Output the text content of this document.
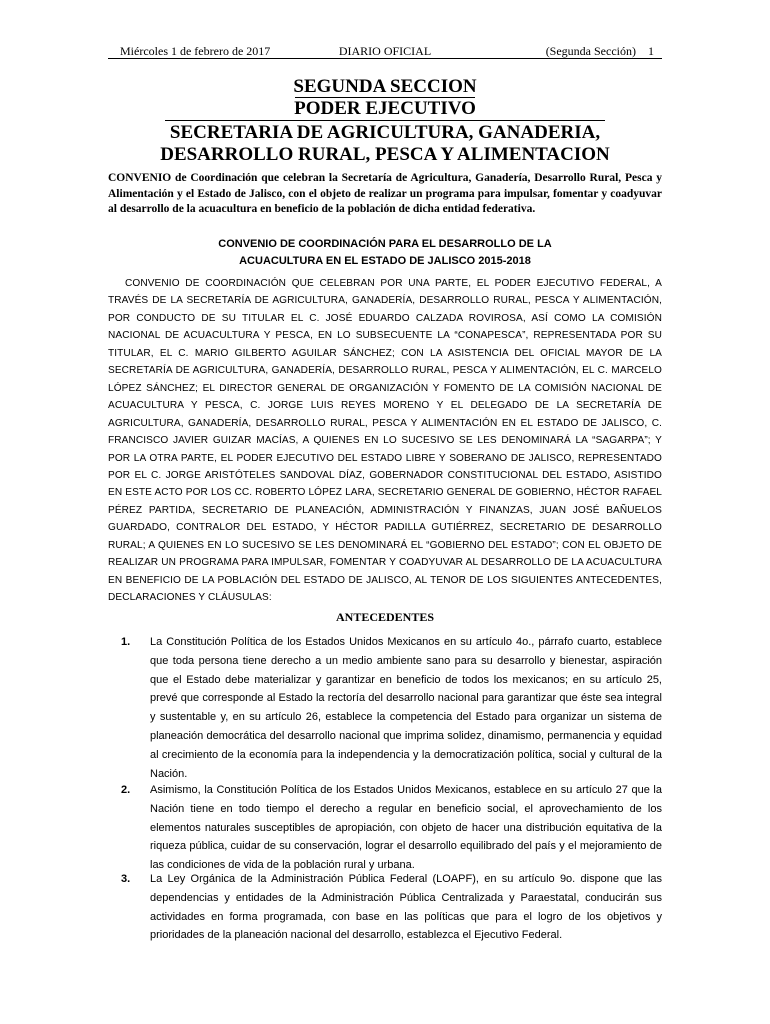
Miércoles 1 de febrero de 2017	DIARIO OFICIAL	(Segunda Sección) 1
SEGUNDA SECCION
PODER EJECUTIVO
SECRETARIA DE AGRICULTURA, GANADERIA,
DESARROLLO RURAL, PESCA Y ALIMENTACION
CONVENIO de Coordinación que celebran la Secretaría de Agricultura, Ganadería, Desarrollo Rural, Pesca y Alimentación y el Estado de Jalisco, con el objeto de realizar un programa para impulsar, fomentar y coadyuvar al desarrollo de la acuacultura en beneficio de la población de dicha entidad federativa.
CONVENIO DE COORDINACIÓN PARA EL DESARROLLO DE LA
ACUACULTURA EN EL ESTADO DE JALISCO 2015-2018
CONVENIO DE COORDINACIÓN QUE CELEBRAN POR UNA PARTE, EL PODER EJECUTIVO FEDERAL, A TRAVÉS DE LA SECRETARÍA DE AGRICULTURA, GANADERÍA, DESARROLLO RURAL, PESCA Y ALIMENTACIÓN, POR CONDUCTO DE SU TITULAR EL C. JOSÉ EDUARDO CALZADA ROVIROSA, ASÍ COMO LA COMISIÓN NACIONAL DE ACUACULTURA Y PESCA, EN LO SUBSECUENTE LA “CONAPESCA”, REPRESENTADA POR SU TITULAR, EL C. MARIO GILBERTO AGUILAR SÁNCHEZ; CON LA ASISTENCIA DEL OFICIAL MAYOR DE LA SECRETARÍA DE AGRICULTURA, GANADERÍA, DESARROLLO RURAL, PESCA Y ALIMENTACIÓN, EL C. MARCELO LÓPEZ SÁNCHEZ; EL DIRECTOR GENERAL DE ORGANIZACIÓN Y FOMENTO DE LA COMISIÓN NACIONAL DE ACUACULTURA Y PESCA, C. JORGE LUIS REYES MORENO Y EL DELEGADO DE LA SECRETARÍA DE AGRICULTURA, GANADERÍA, DESARROLLO RURAL, PESCA Y ALIMENTACIÓN EN EL ESTADO DE JALISCO, C. FRANCISCO JAVIER GUIZAR MACÍAS, A QUIENES EN LO SUCESIVO SE LES DENOMINARÁ LA “SAGARPA”; Y POR LA OTRA PARTE, EL PODER EJECUTIVO DEL ESTADO LIBRE Y SOBERANO DE JALISCO, REPRESENTADO POR EL C. JORGE ARISTÓTELES SANDOVAL DÍAZ, GOBERNADOR CONSTITUCIONAL DEL ESTADO, ASISTIDO EN ESTE ACTO POR LOS CC. ROBERTO LÓPEZ LARA, SECRETARIO GENERAL DE GOBIERNO, HÉCTOR RAFAEL PÉREZ PARTIDA, SECRETARIO DE PLANEACIÓN, ADMINISTRACIÓN Y FINANZAS, JUAN JOSÉ BAÑUELOS GUARDADO, CONTRALOR DEL ESTADO, Y HÉCTOR PADILLA GUTIÉRREZ, SECRETARIO DE DESARROLLO RURAL; A QUIENES EN LO SUCESIVO SE LES DENOMINARÁ EL “GOBIERNO DEL ESTADO”; CON EL OBJETO DE REALIZAR UN PROGRAMA PARA IMPULSAR, FOMENTAR Y COADYUVAR AL DESARROLLO DE LA ACUACULTURA EN BENEFICIO DE LA POBLACIÓN DEL ESTADO DE JALISCO, AL TENOR DE LOS SIGUIENTES ANTECEDENTES, DECLARACIONES Y CLÁUSULAS:
ANTECEDENTES
1. La Constitución Política de los Estados Unidos Mexicanos en su artículo 4o., párrafo cuarto, establece que toda persona tiene derecho a un medio ambiente sano para su desarrollo y bienestar, aspiración que el Estado debe materializar y garantizar en beneficio de todos los mexicanos; en su artículo 25, prevé que corresponde al Estado la rectoría del desarrollo nacional para garantizar que éste sea integral y sustentable y, en su artículo 26, establece la competencia del Estado para organizar un sistema de planeación democrática del desarrollo nacional que imprima solidez, dinamismo, permanencia y equidad al crecimiento de la economía para la independencia y la democratización política, social y cultural de la Nación.
2. Asimismo, la Constitución Política de los Estados Unidos Mexicanos, establece en su artículo 27 que la Nación tiene en todo tiempo el derecho a regular en beneficio social, el aprovechamiento de los elementos naturales susceptibles de apropiación, con objeto de hacer una distribución equitativa de la riqueza pública, cuidar de su conservación, lograr el desarrollo equilibrado del país y el mejoramiento de las condiciones de vida de la población rural y urbana.
3. La Ley Orgánica de la Administración Pública Federal (LOAPF), en su artículo 9o. dispone que las dependencias y entidades de la Administración Pública Centralizada y Paraestatal, conducirán sus actividades en forma programada, con base en las políticas que para el logro de los objetivos y prioridades de la planeación nacional del desarrollo, establezca el Ejecutivo Federal.
